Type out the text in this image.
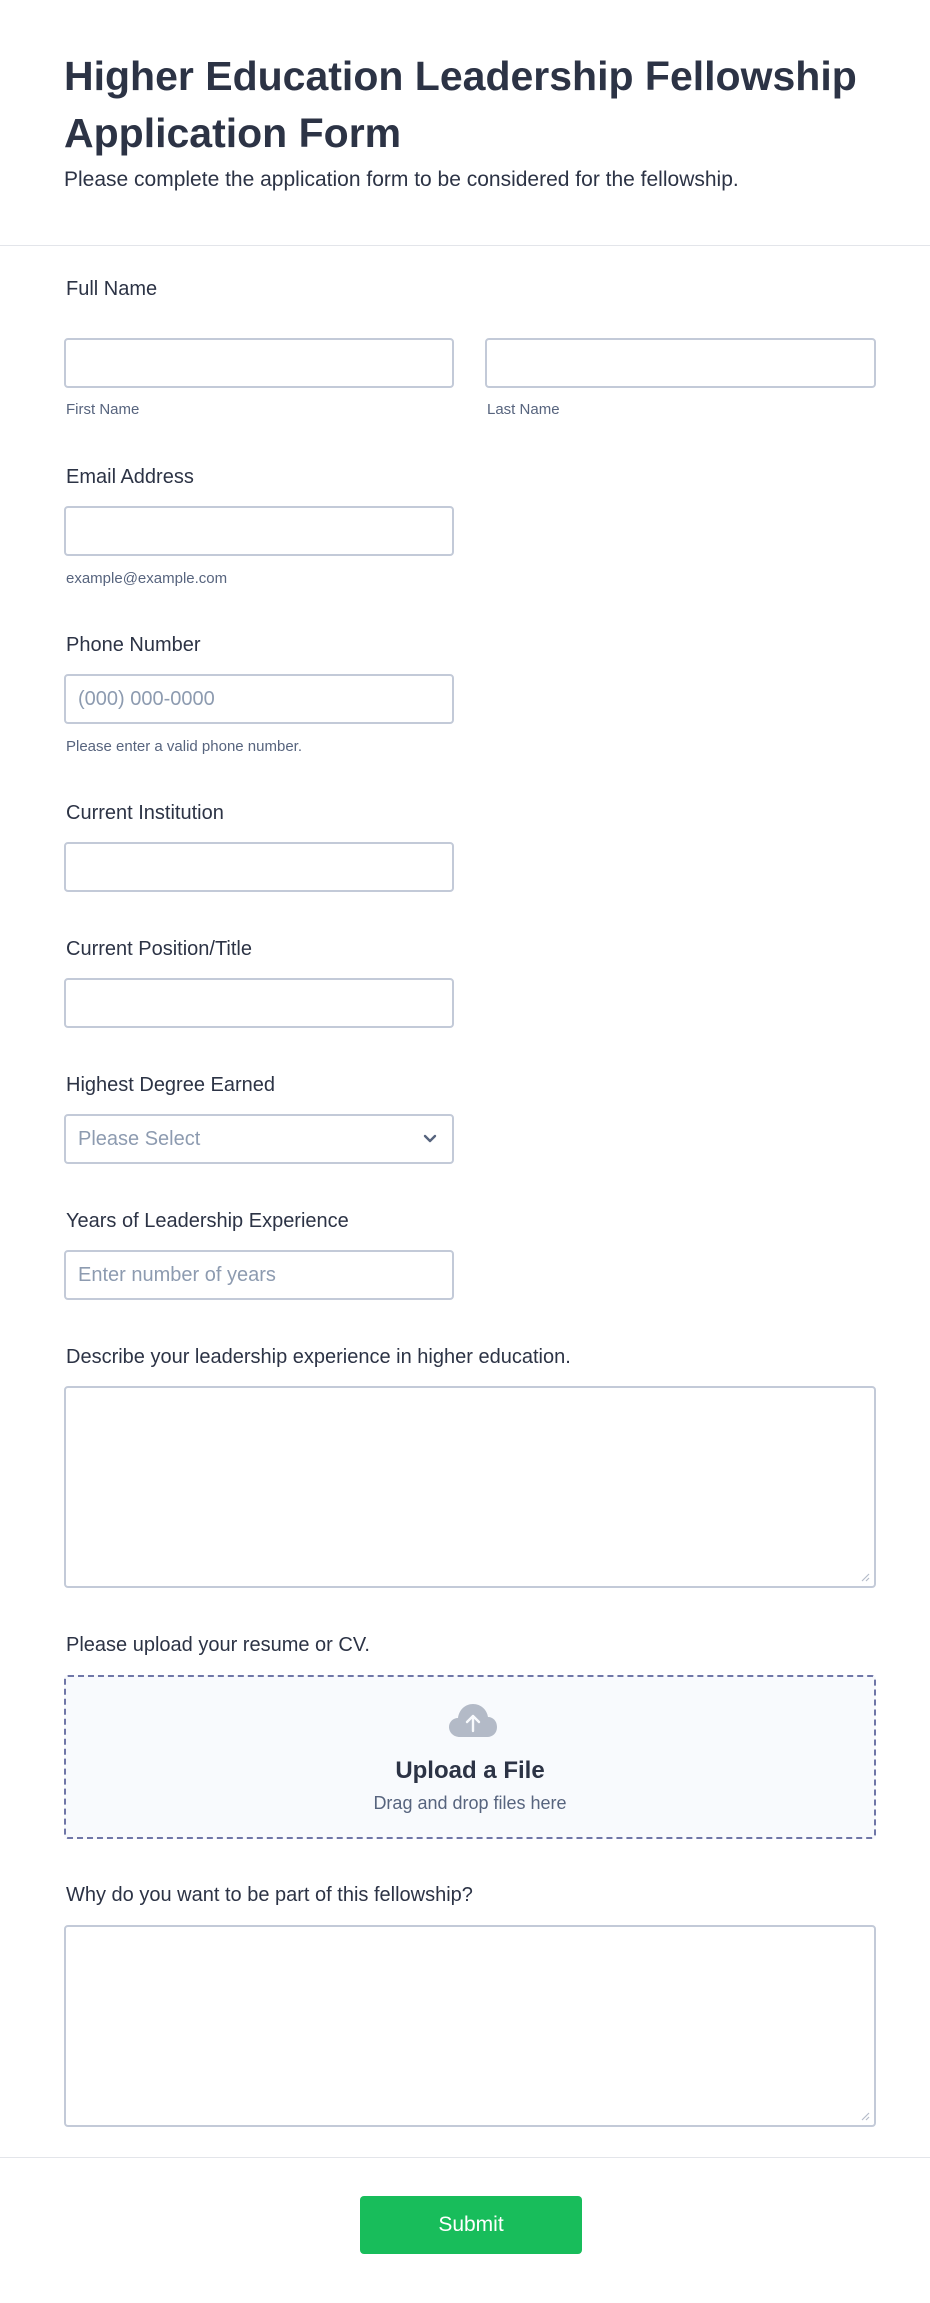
Higher Education Leadership Fellowship Application Form

Please complete the application form to be considered for the fellowship.

Full Name
First Name	Last Name
Email Address
example@example.com
Phone Number
(000) 000-0000
Please enter a valid phone number.
Current Institution
Current Position/Title
Highest Degree Earned
Please Select
Years of Leadership Experience
Enter number of years
Describe your leadership experience in higher education.
Please upload your resume or CV.
Upload a File
Drag and drop files here
Why do you want to be part of this fellowship?
Submit
